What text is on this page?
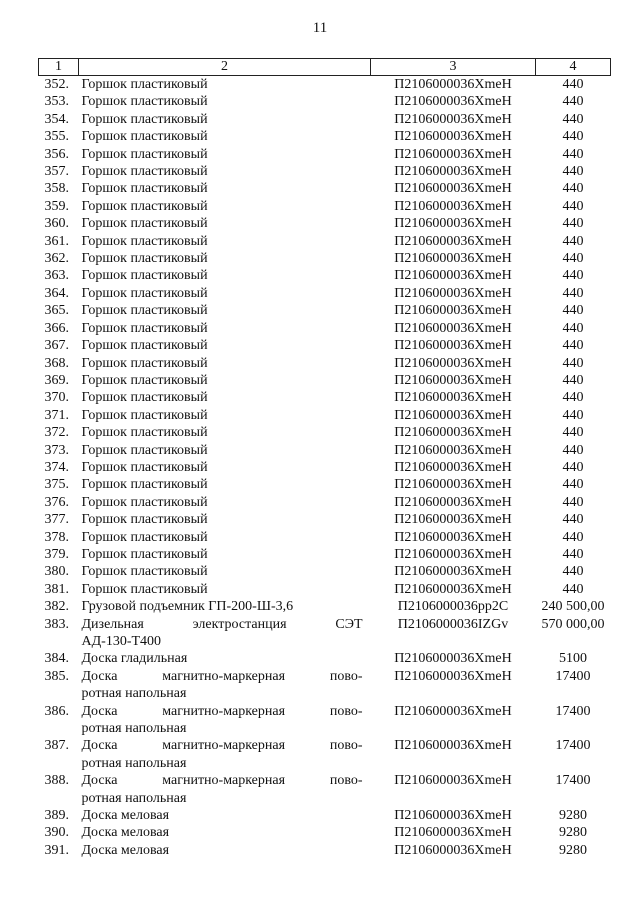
11
1	2	3	4
352.	Горшок пластиковый	П2106000036XmeH	440
353.	Горшок пластиковый	П2106000036XmeH	440
354.	Горшок пластиковый	П2106000036XmeH	440
355.	Горшок пластиковый	П2106000036XmeH	440
356.	Горшок пластиковый	П2106000036XmeH	440
357.	Горшок пластиковый	П2106000036XmeH	440
358.	Горшок пластиковый	П2106000036XmeH	440
359.	Горшок пластиковый	П2106000036XmeH	440
360.	Горшок пластиковый	П2106000036XmeH	440
361.	Горшок пластиковый	П2106000036XmeH	440
362.	Горшок пластиковый	П2106000036XmeH	440
363.	Горшок пластиковый	П2106000036XmeH	440
364.	Горшок пластиковый	П2106000036XmeH	440
365.	Горшок пластиковый	П2106000036XmeH	440
366.	Горшок пластиковый	П2106000036XmeH	440
367.	Горшок пластиковый	П2106000036XmeH	440
368.	Горшок пластиковый	П2106000036XmeH	440
369.	Горшок пластиковый	П2106000036XmeH	440
370.	Горшок пластиковый	П2106000036XmeH	440
371.	Горшок пластиковый	П2106000036XmeH	440
372.	Горшок пластиковый	П2106000036XmeH	440
373.	Горшок пластиковый	П2106000036XmeH	440
374.	Горшок пластиковый	П2106000036XmeH	440
375.	Горшок пластиковый	П2106000036XmeH	440
376.	Горшок пластиковый	П2106000036XmeH	440
377.	Горшок пластиковый	П2106000036XmeH	440
378.	Горшок пластиковый	П2106000036XmeH	440
379.	Горшок пластиковый	П2106000036XmeH	440
380.	Горшок пластиковый	П2106000036XmeH	440
381.	Горшок пластиковый	П2106000036XmeH	440
382.	Грузовой подъемник ГП-200-Ш-3,6	П2106000036pp2C	240 500,00
383.	Дизельная электростанция СЭТ
АД-130-Т400	П2106000036IZGv	570 000,00
384.	Доска гладильная	П2106000036XmeH	5100
385.	Доска магнитно-маркерная пово-
ротная напольная	П2106000036XmeH	17400
386.	Доска магнитно-маркерная пово-
ротная напольная	П2106000036XmeH	17400
387.	Доска магнитно-маркерная пово-
ротная напольная	П2106000036XmeH	17400
388.	Доска магнитно-маркерная пово-
ротная напольная	П2106000036XmeH	17400
389.	Доска меловая	П2106000036XmeH	9280
390.	Доска меловая	П2106000036XmeH	9280
391.	Доска меловая	П2106000036XmeH	9280
